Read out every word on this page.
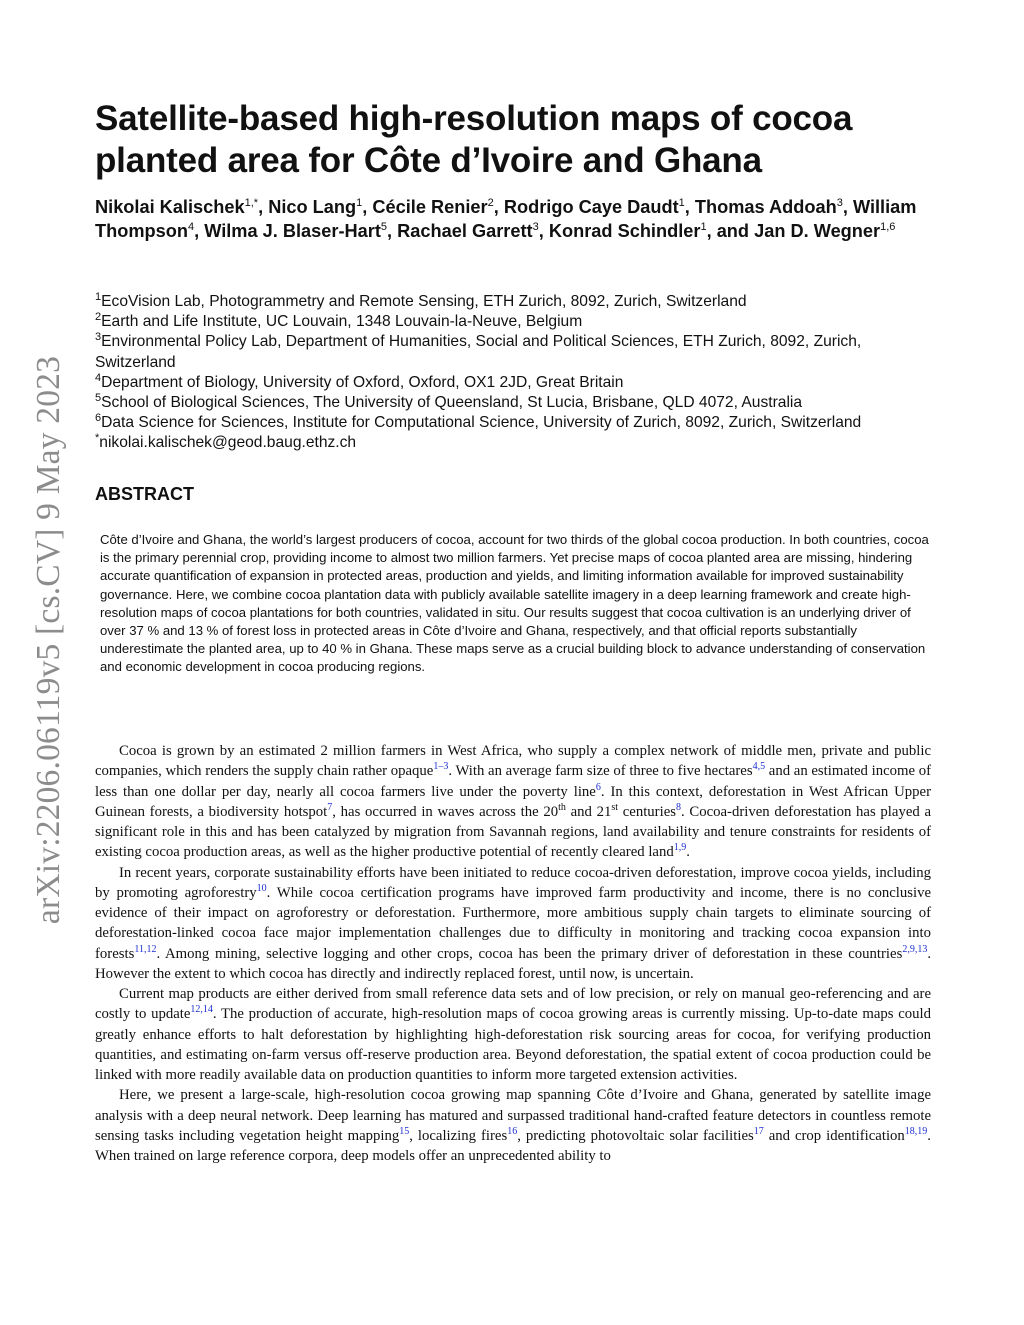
arXiv:2206.06119v5 [cs.CV] 9 May 2023
Satellite-based high-resolution maps of cocoa planted area for Côte d’Ivoire and Ghana
Nikolai Kalischek$^{1,*}$, Nico Lang$^1$, Cécile Renier$^2$, Rodrigo Caye Daudt$^1$, Thomas Addoah$^3$, William Thompson$^4$, Wilma J. Blaser-Hart$^5$, Rachael Garrett$^3$, Konrad Schindler$^1$, and Jan D. Wegner$^{1,6}$
$^1$EcoVision Lab, Photogrammetry and Remote Sensing, ETH Zurich, 8092, Zurich, Switzerland
$^2$Earth and Life Institute, UC Louvain, 1348 Louvain-la-Neuve, Belgium
$^3$Environmental Policy Lab, Department of Humanities, Social and Political Sciences, ETH Zurich, 8092, Zurich, Switzerland
$^4$Department of Biology, University of Oxford, Oxford, OX1 2JD, Great Britain
$^5$School of Biological Sciences, The University of Queensland, St Lucia, Brisbane, QLD 4072, Australia
$^6$Data Science for Sciences, Institute for Computational Science, University of Zurich, 8092, Zurich, Switzerland
*nikolai.kalischek@geod.baug.ethz.ch
ABSTRACT
Côte d’Ivoire and Ghana, the world’s largest producers of cocoa, account for two thirds of the global cocoa production. In both countries, cocoa is the primary perennial crop, providing income to almost two million farmers. Yet precise maps of cocoa planted area are missing, hindering accurate quantification of expansion in protected areas, production and yields, and limiting information available for improved sustainability governance. Here, we combine cocoa plantation data with publicly available satellite imagery in a deep learning framework and create high-resolution maps of cocoa plantations for both countries, validated in situ. Our results suggest that cocoa cultivation is an underlying driver of over 37 % and 13 % of forest loss in protected areas in Côte d’Ivoire and Ghana, respectively, and that official reports substantially underestimate the planted area, up to 40 % in Ghana. These maps serve as a crucial building block to advance understanding of conservation and economic development in cocoa producing regions.

Cocoa is grown by an estimated 2 million farmers in West Africa, who supply a complex network of middle men, private and public companies, which renders the supply chain rather opaque$^{1-3}$. With an average farm size of three to five hectares$^{4,5}$ and an estimated income of less than one dollar per day, nearly all cocoa farmers live under the poverty line$^6$. In this context, deforestation in West African Upper Guinean forests, a biodiversity hotspot$^7$, has occurred in waves across the 20th and 21st centuries$^8$. Cocoa-driven deforestation has played a significant role in this and has been catalyzed by migration from Savannah regions, land availability and tenure constraints for residents of existing cocoa production areas, as well as the higher productive potential of recently cleared land$^{1,9}$.

In recent years, corporate sustainability efforts have been initiated to reduce cocoa-driven deforestation, improve cocoa yields, including by promoting agroforestry$^{10}$. While cocoa certification programs have improved farm productivity and income, there is no conclusive evidence of their impact on agroforestry or deforestation. Furthermore, more ambitious supply chain targets to eliminate sourcing of deforestation-linked cocoa face major implementation challenges due to difficulty in monitoring and tracking cocoa expansion into forests$^{11,12}$. Among mining, selective logging and other crops, cocoa has been the primary driver of deforestation in these countries$^{2,9,13}$. However the extent to which cocoa has directly and indirectly replaced forest, until now, is uncertain.

Current map products are either derived from small reference data sets and of low precision, or rely on manual geo-referencing and are costly to update$^{12,14}$. The production of accurate, high-resolution maps of cocoa growing areas is currently missing. Up-to-date maps could greatly enhance efforts to halt deforestation by highlighting high-deforestation risk sourcing areas for cocoa, for verifying production quantities, and estimating on-farm versus off-reserve production area. Beyond deforestation, the spatial extent of cocoa production could be linked with more readily available data on production quantities to inform more targeted extension activities.

Here, we present a large-scale, high-resolution cocoa growing map spanning Côte d’Ivoire and Ghana, generated by satellite image analysis with a deep neural network. Deep learning has matured and surpassed traditional hand-crafted feature detectors in countless remote sensing tasks including vegetation height mapping$^{15}$, localizing fires$^{16}$, predicting photovoltaic solar facilities$^{17}$ and crop identification$^{18,19}$. When trained on large reference corpora, deep models offer an unprecedented ability to
